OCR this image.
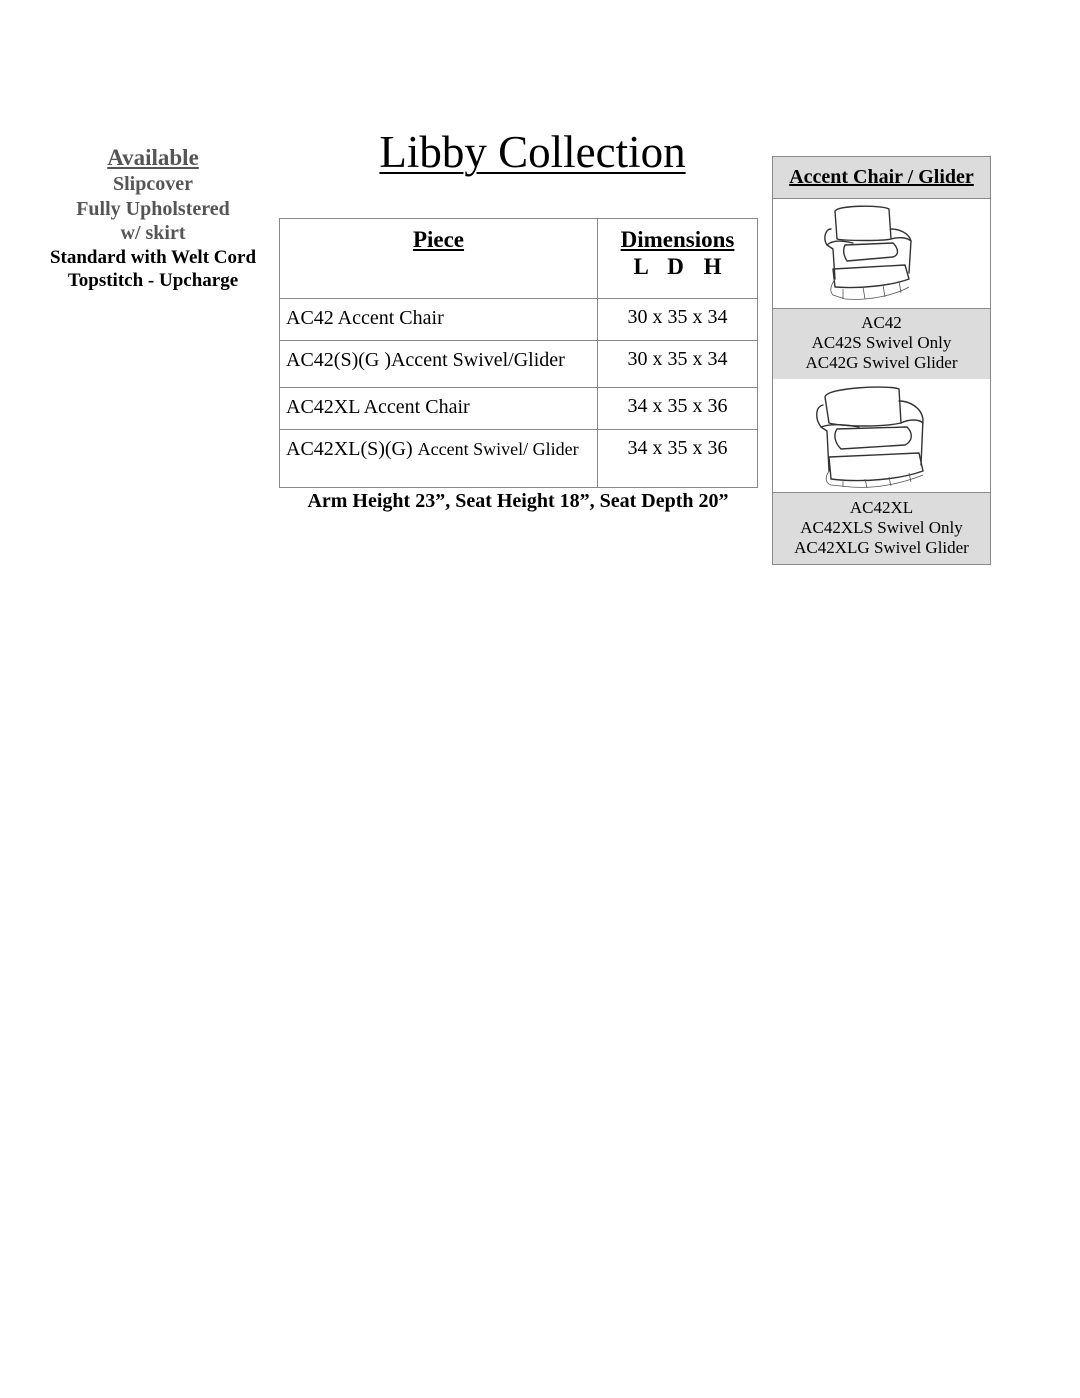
Available
Slipcover
Fully Upholstered
w/ skirt
Standard with Welt Cord
Topstitch - Upcharge
Libby Collection
Piece	Dimensions
L D H

AC42 Accent Chair	30 x 35 x 34
AC42(S)(G )Accent Swivel/Glider	30 x 35 x 34
AC42XL Accent Chair	34 x 35 x 36
AC42XL(S)(G) Accent Swivel/ Glider	34 x 35 x 36
Arm Height 23”, Seat Height 18”, Seat Depth 20”
Accent Chair / Glider
AC42
AC42S Swivel Only
AC42G Swivel Glider
AC42XL
AC42XLS Swivel Only
AC42XLG Swivel Glider
